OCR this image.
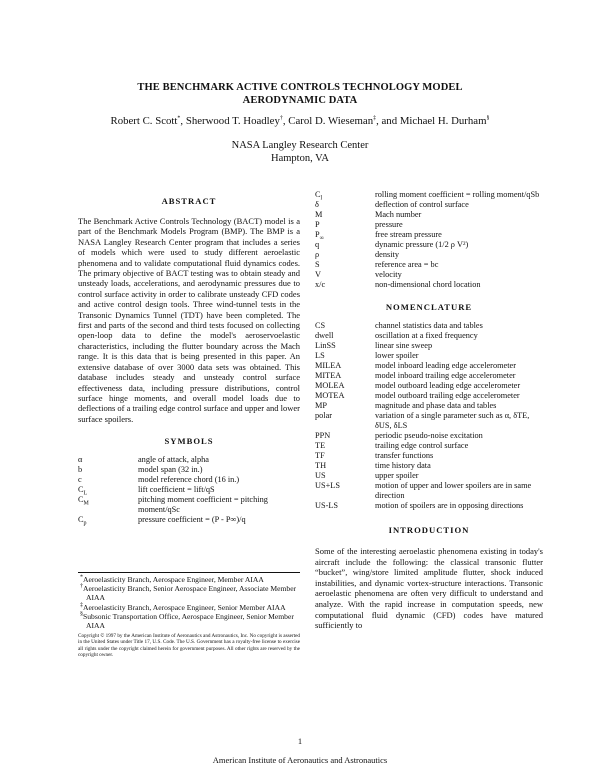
THE BENCHMARK ACTIVE CONTROLS TECHNOLOGY MODEL
AERODYNAMIC DATA
Robert C. Scott*, Sherwood T. Hoadley†, Carol D. Wieseman‡, and Michael H. Durham§
NASA Langley Research Center
Hampton, VA
ABSTRACT
The Benchmark Active Controls Technology (BACT) model is a part of the Benchmark Models Program (BMP). The BMP is a NASA Langley Research Center program that includes a series of models which were used to study different aeroelastic phenomena and to validate computational fluid dynamics codes. The primary objective of BACT testing was to obtain steady and unsteady loads, accelerations, and aerodynamic pressures due to control surface activity in order to calibrate unsteady CFD codes and active control design tools. Three wind-tunnel tests in the Transonic Dynamics Tunnel (TDT) have been completed. The first and parts of the second and third tests focused on collecting open-loop data to define the model's aeroservoelastic characteristics, including the flutter boundary across the Mach range. It is this data that is being presented in this paper. An extensive database of over 3000 data sets was obtained. This database includes steady and unsteady control surface effectiveness data, including pressure distributions, control surface hinge moments, and overall model loads due to deflections of a trailing edge control surface and upper and lower surface spoilers.
SYMBOLS
α	angle of attack, alpha
b	model span (32 in.)
c	model reference chord (16 in.)
$C_L$	lift coefficient = lift/qS
$C_M$	pitching moment coefficient = pitching moment/qSc
$C_p$	pressure coefficient = (P - P∞)/q
*Aeroelasticity Branch, Aerospace Engineer, Member AIAA
†Aeroelasticity Branch, Senior Aerospace Engineer, Associate Member AIAA
‡Aeroelasticity Branch, Aerospace Engineer, Senior Member AIAA
§Subsonic Transportation Office, Aerospace Engineer, Senior Member AIAA
Copyright © 1997 by the American Institute of Aeronautics and Astronautics, Inc. No copyright is asserted in the United States under Title 17, U.S. Code. The U.S. Government has a royalty-free license to exercise all rights under the copyright claimed herein for government purposes. All other rights are reserved by the copyright owner.
$C_l$	rolling moment coefficient = rolling moment/qSb
δ	deflection of control surface
M	Mach number
P	pressure
$P_\infty$	free stream pressure
q	dynamic pressure (1/2 ρ V²)
ρ	density
S	reference area = bc
V	velocity
x/c	non-dimensional chord location
NOMENCLATURE
CS	channel statistics data and tables
dwell	oscillation at a fixed frequency
LinSS	linear sine sweep
LS	lower spoiler
MILEA	model inboard leading edge accelerometer
MITEA	model inboard trailing edge accelerometer
MOLEA	model outboard leading edge accelerometer
MOTEA	model outboard trailing edge accelerometer
MP	magnitude and phase data and tables
polar	variation of a single parameter such as α, δTE, δUS, δLS
PPN	periodic pseudo-noise excitation
TE	trailing edge control surface
TF	transfer functions
TH	time history data
US	upper spoiler
US+LS	motion of upper and lower spoilers are in same direction
US-LS	motion of spoilers are in opposing directions
INTRODUCTION
Some of the interesting aeroelastic phenomena existing in today's aircraft include the following: the classical transonic flutter “bucket”, wing/store limited amplitude flutter, shock induced instabilities, and dynamic vortex-structure interactions. Transonic aeroelastic phenomena are often very difficult to understand and analyze. With the rapid increase in computation speeds, new computational fluid dynamic (CFD) codes have matured sufficiently to
1
American Institute of Aeronautics and Astronautics
